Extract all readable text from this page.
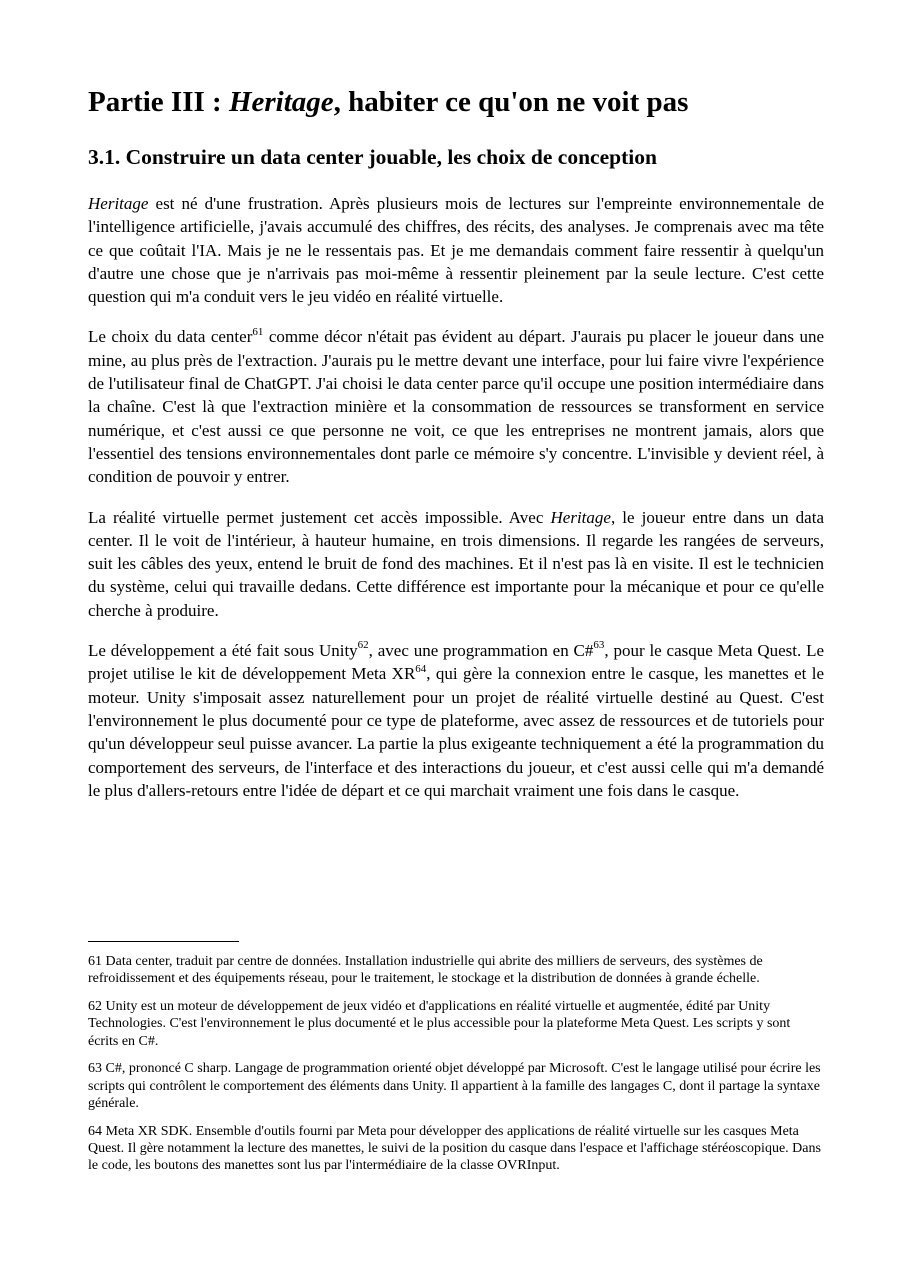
Partie III : Heritage, habiter ce qu'on ne voit pas
3.1. Construire un data center jouable, les choix de conception

Heritage est né d'une frustration. Après plusieurs mois de lectures sur l'empreinte environnementale de l'intelligence artificielle, j'avais accumulé des chiffres, des récits, des analyses. Je comprenais avec ma tête ce que coûtait l'IA. Mais je ne le ressentais pas. Et je me demandais comment faire ressentir à quelqu'un d'autre une chose que je n'arrivais pas moi-même à ressentir pleinement par la seule lecture. C'est cette question qui m'a conduit vers le jeu vidéo en réalité virtuelle.

Le choix du data center$^{61}$ comme décor n'était pas évident au départ. J'aurais pu placer le joueur dans une mine, au plus près de l'extraction. J'aurais pu le mettre devant une interface, pour lui faire vivre l'expérience de l'utilisateur final de ChatGPT. J'ai choisi le data center parce qu'il occupe une position intermédiaire dans la chaîne. C'est là que l'extraction minière et la consommation de ressources se transforment en service numérique, et c'est aussi ce que personne ne voit, ce que les entreprises ne montrent jamais, alors que l'essentiel des tensions environnementales dont parle ce mémoire s'y concentre. L'invisible y devient réel, à condition de pouvoir y entrer.

La réalité virtuelle permet justement cet accès impossible. Avec Heritage, le joueur entre dans un data center. Il le voit de l'intérieur, à hauteur humaine, en trois dimensions. Il regarde les rangées de serveurs, suit les câbles des yeux, entend le bruit de fond des machines. Et il n'est pas là en visite. Il est le technicien du système, celui qui travaille dedans. Cette différence est importante pour la mécanique et pour ce qu'elle cherche à produire.

Le développement a été fait sous Unity$^{62}$, avec une programmation en C#$^{63}$, pour le casque Meta Quest. Le projet utilise le kit de développement Meta XR$^{64}$, qui gère la connexion entre le casque, les manettes et le moteur. Unity s'imposait assez naturellement pour un projet de réalité virtuelle destiné au Quest. C'est l'environnement le plus documenté pour ce type de plateforme, avec assez de ressources et de tutoriels pour qu'un développeur seul puisse avancer. La partie la plus exigeante techniquement a été la programmation du comportement des serveurs, de l'interface et des interactions du joueur, et c'est aussi celle qui m'a demandé le plus d'allers-retours entre l'idée de départ et ce qui marchait vraiment une fois dans le casque.

61 Data center, traduit par centre de données. Installation industrielle qui abrite des milliers de serveurs, des systèmes de refroidissement et des équipements réseau, pour le traitement, le stockage et la distribution de données à grande échelle.

62 Unity est un moteur de développement de jeux vidéo et d'applications en réalité virtuelle et augmentée, édité par Unity Technologies. C'est l'environnement le plus documenté et le plus accessible pour la plateforme Meta Quest. Les scripts y sont écrits en C#.

63 C#, prononcé C sharp. Langage de programmation orienté objet développé par Microsoft. C'est le langage utilisé pour écrire les scripts qui contrôlent le comportement des éléments dans Unity. Il appartient à la famille des langages C, dont il partage la syntaxe générale.

64 Meta XR SDK. Ensemble d'outils fourni par Meta pour développer des applications de réalité virtuelle sur les casques Meta Quest. Il gère notamment la lecture des manettes, le suivi de la position du casque dans l'espace et l'affichage stéréoscopique. Dans le code, les boutons des manettes sont lus par l'intermédiaire de la classe OVRInput.
